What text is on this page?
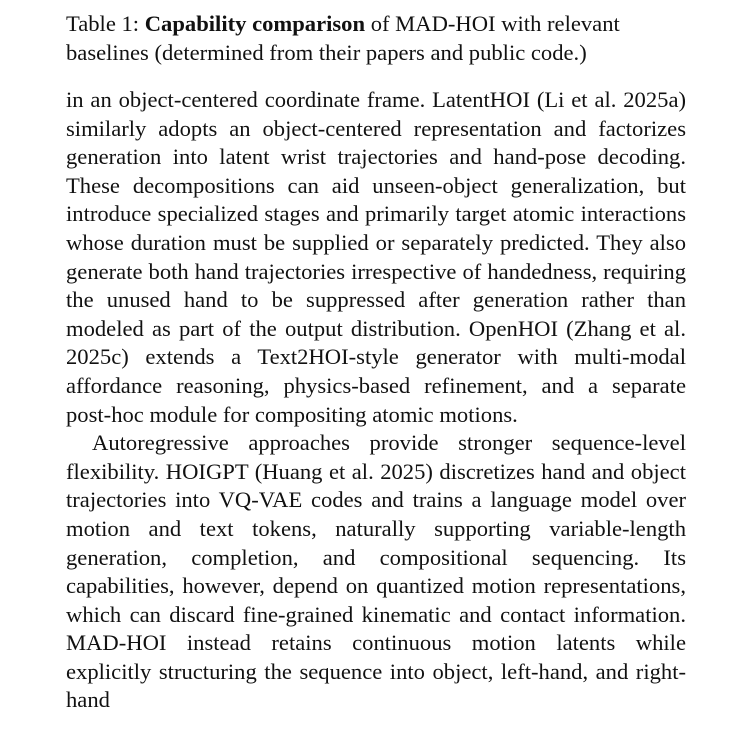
Table 1: Capability comparison of MAD-HOI with relevant baselines (determined from their papers and public code.)

in an object-centered coordinate frame. LatentHOI (Li et al. 2025a) similarly adopts an object-centered representation and factorizes generation into latent wrist trajectories and hand-pose decoding. These decompositions can aid unseen-object generalization, but introduce specialized stages and primarily target atomic interactions whose duration must be supplied or separately predicted. They also generate both hand trajectories irrespective of handedness, requiring the unused hand to be suppressed after generation rather than modeled as part of the output distribution. OpenHOI (Zhang et al. 2025c) extends a Text2HOI-style generator with multi-modal affordance reasoning, physics-based refinement, and a separate post-hoc module for compositing atomic motions.

Autoregressive approaches provide stronger sequence-level flexibility. HOIGPT (Huang et al. 2025) discretizes hand and object trajectories into VQ-VAE codes and trains a language model over motion and text tokens, naturally supporting variable-length generation, completion, and compositional sequencing. Its capabilities, however, depend on quantized motion representations, which can discard fine-grained kinematic and contact information. MAD-HOI instead retains continuous motion latents while explicitly structuring the sequence into object, left-hand, and right-hand
